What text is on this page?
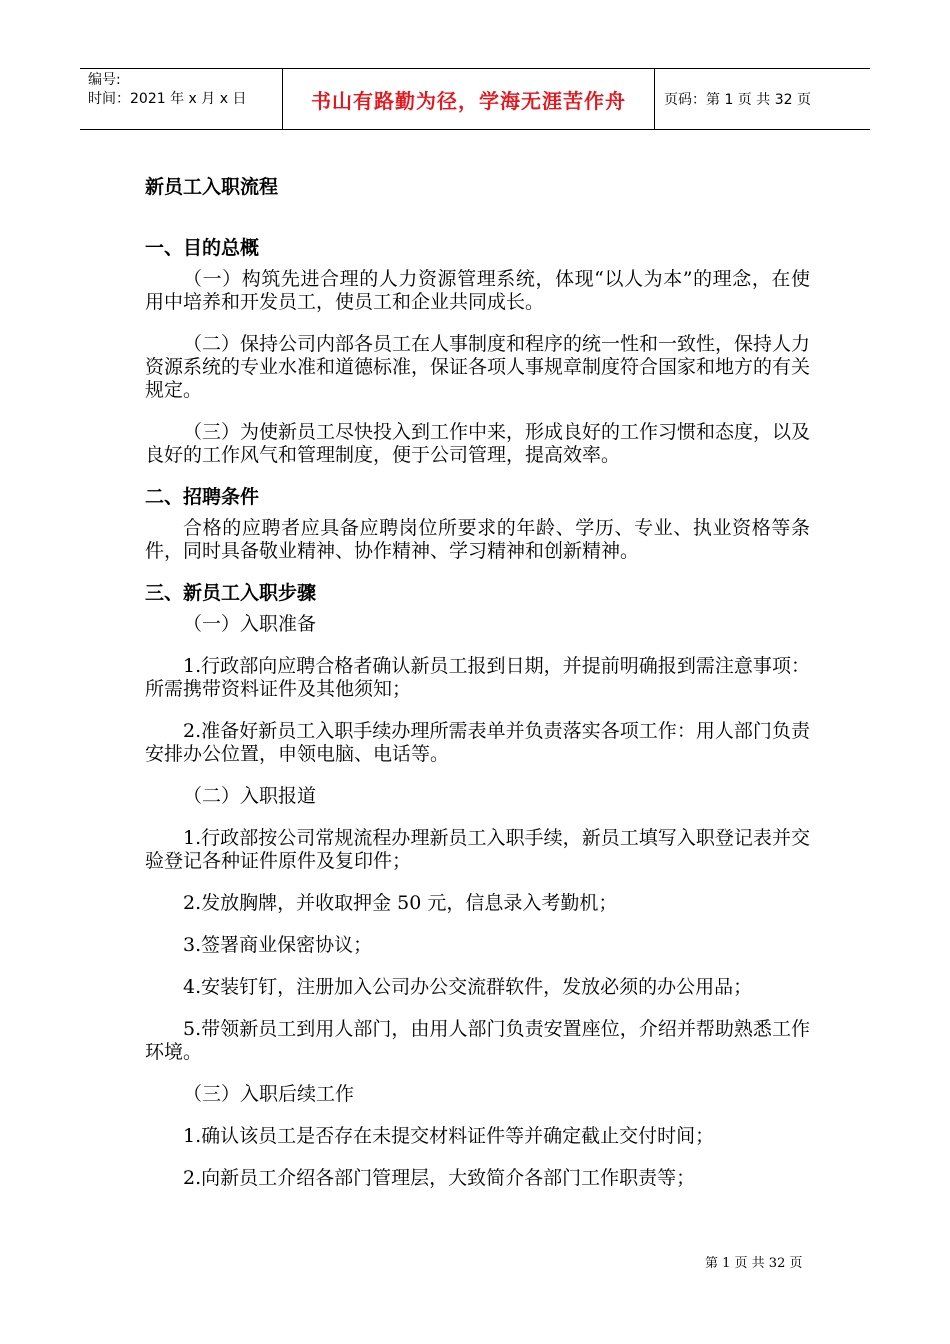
编号:
时间：2021 年 x 月 x 日	书山有路勤为径，学海无涯苦作舟	页码：第 1 页 共 32 页
新员工入职流程
一、目的总概

（一）构筑先进合理的人力资源管理系统，体现“以人为本”的理念，在使用中培养和开发员工，使员工和企业共同成长。

（二）保持公司内部各员工在人事制度和程序的统一性和一致性，保持人力资源系统的专业水准和道德标准，保证各项人事规章制度符合国家和地方的有关规定。

（三）为使新员工尽快投入到工作中来，形成良好的工作习惯和态度，以及良好的工作风气和管理制度，便于公司管理，提高效率。

二、招聘条件

合格的应聘者应具备应聘岗位所要求的年龄、学历、专业、执业资格等条件，同时具备敬业精神、协作精神、学习精神和创新精神。

三、新员工入职步骤

（一）入职准备

1.行政部向应聘合格者确认新员工报到日期，并提前明确报到需注意事项：所需携带资料证件及其他须知；

2.准备好新员工入职手续办理所需表单并负责落实各项工作：用人部门负责安排办公位置，申领电脑、电话等。

（二）入职报道

1.行政部按公司常规流程办理新员工入职手续，新员工填写入职登记表并交验登记各种证件原件及复印件；

2.发放胸牌，并收取押金 50 元，信息录入考勤机；

3.签署商业保密协议；

4.安装钉钉，注册加入公司办公交流群软件，发放必须的办公用品；

5.带领新员工到用人部门，由用人部门负责安置座位，介绍并帮助熟悉工作环境。

（三）入职后续工作

1.确认该员工是否存在未提交材料证件等并确定截止交付时间；

2.向新员工介绍各部门管理层，大致简介各部门工作职责等；

第 1 页 共 32 页
